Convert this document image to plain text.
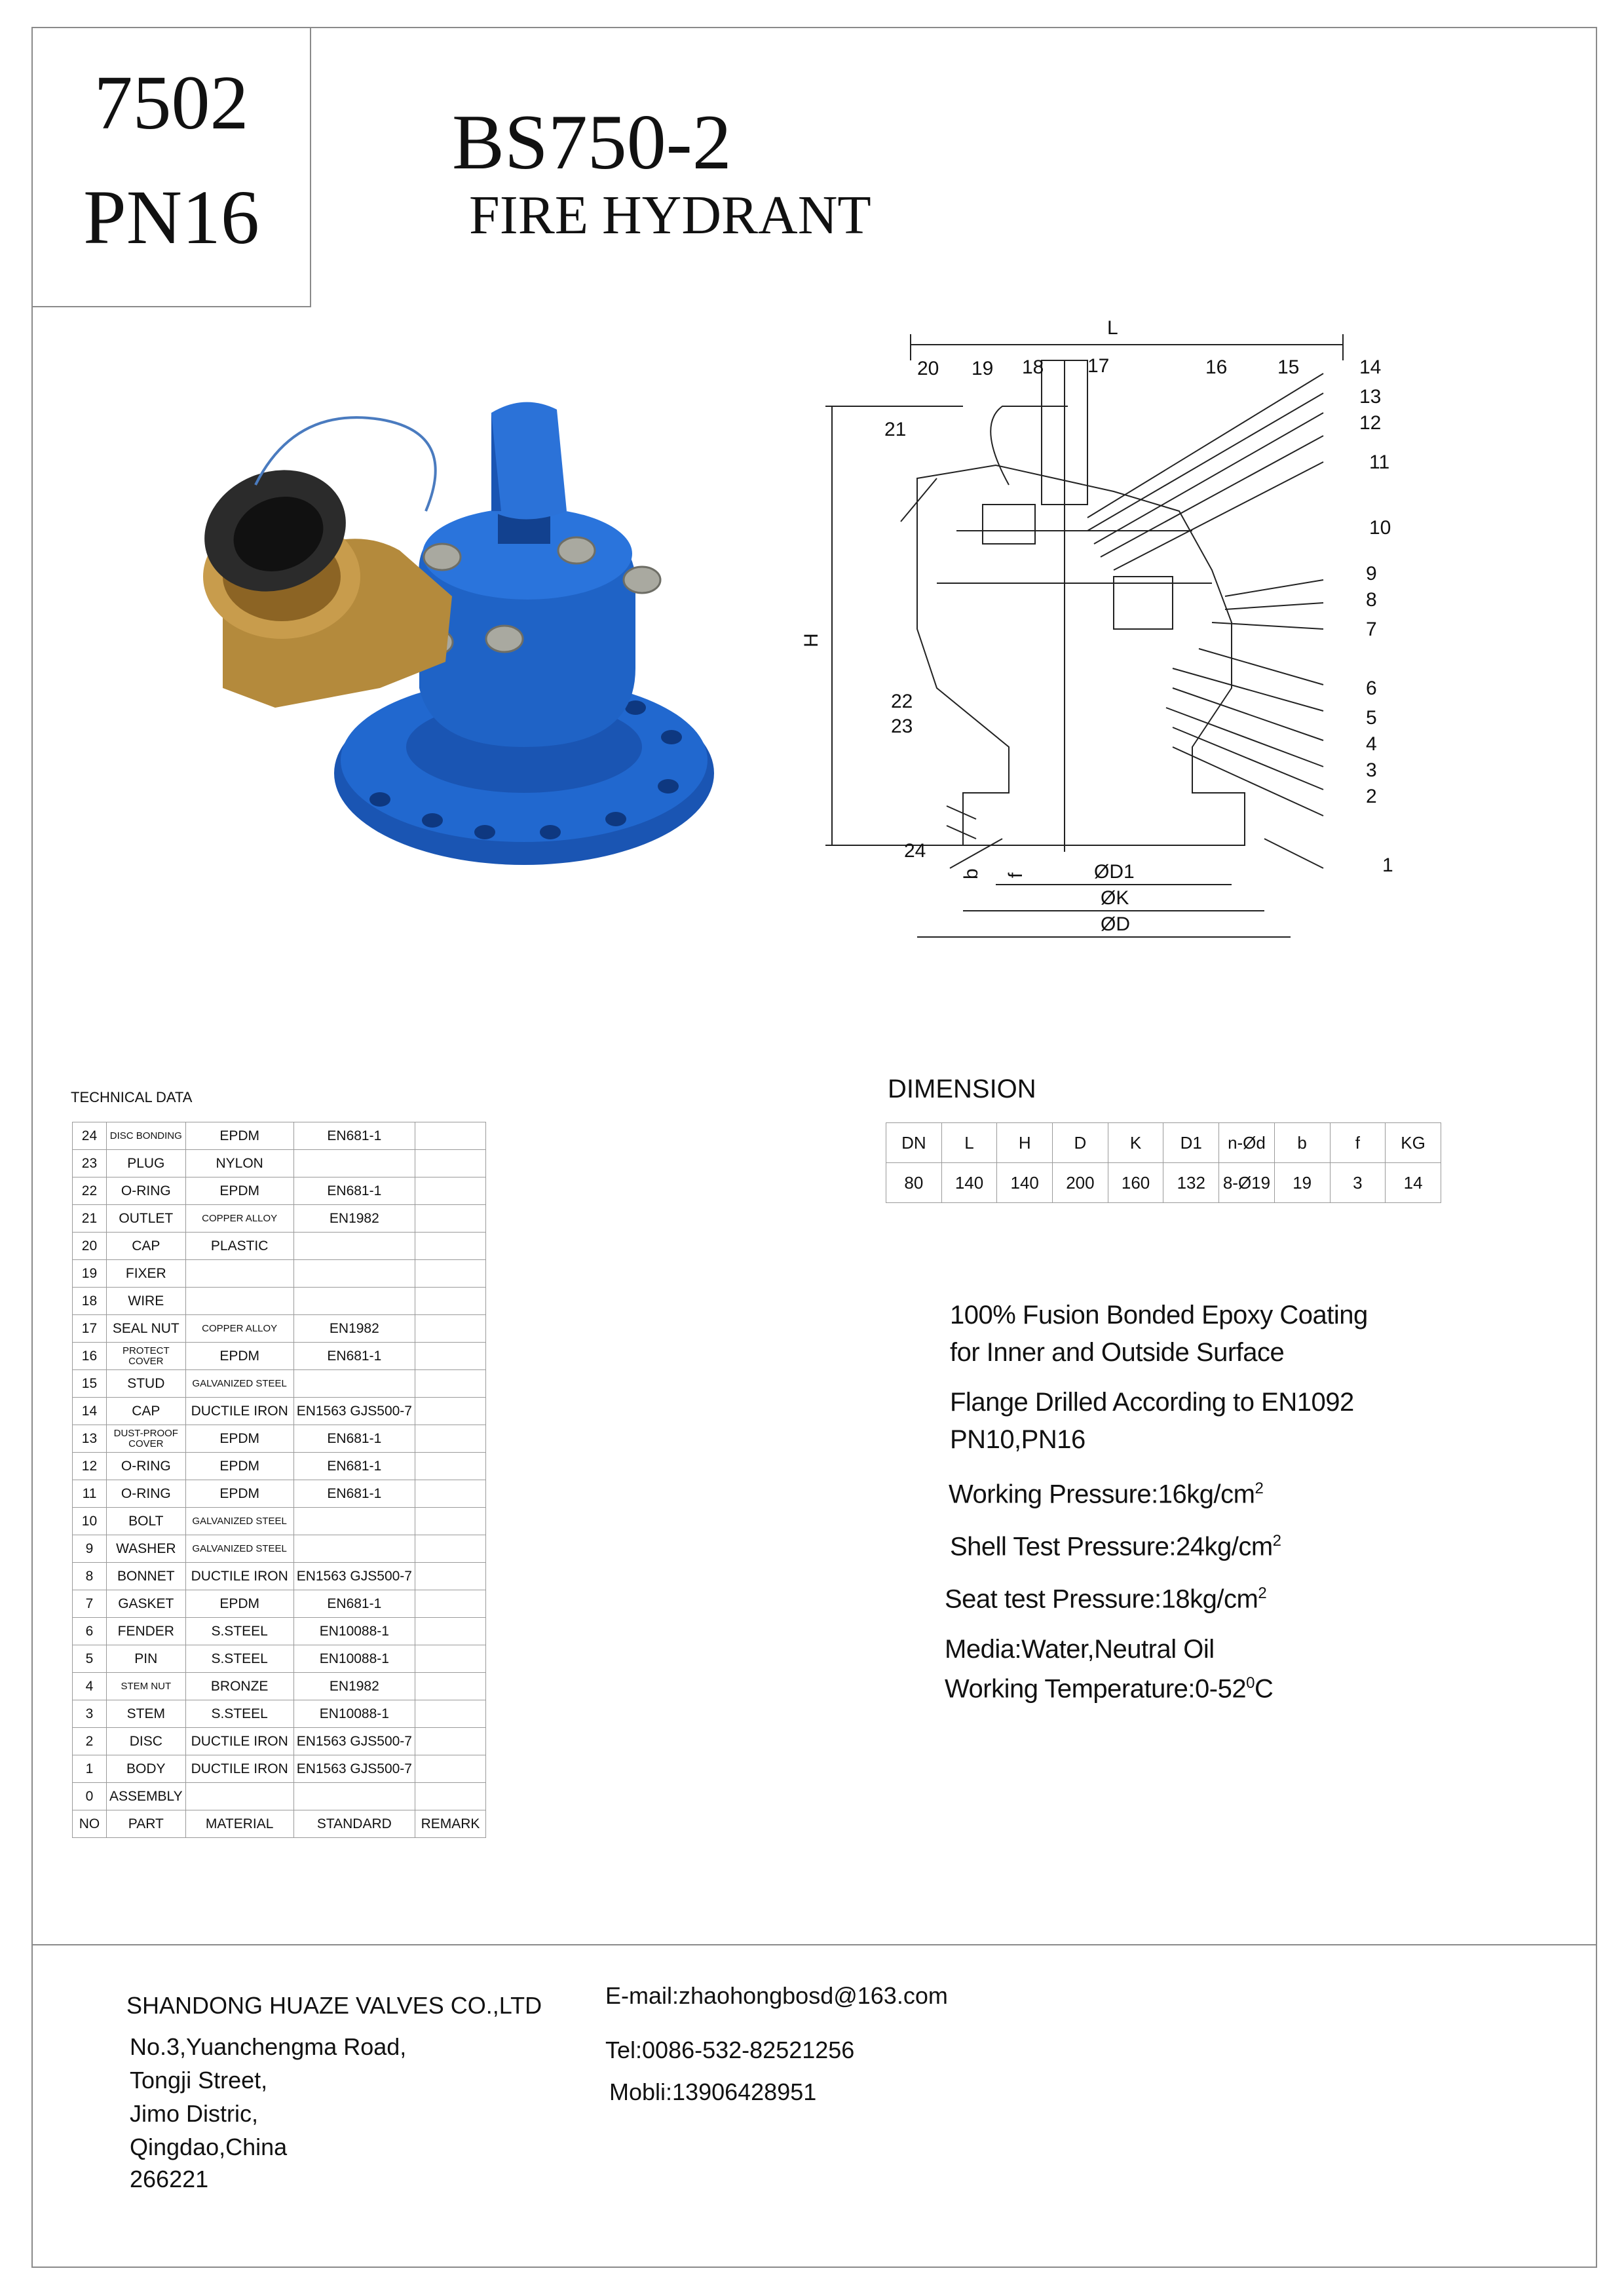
7502
PN16
BS750-2
FIRE HYDRANT
L
H
b f	ØD1
ØK
ØD
20 19 18 17	16	15	14
13
12
11
10
9
8
7
6
5
4
3
2
1
21
22
23
24
TECHNICAL DATA
24	DISC BONDING	EPDM	EN681-1	
23	PLUG	NYLON		
22	O-RING	EPDM	EN681-1	
21	OUTLET	COPPER ALLOY	EN1982	
20	CAP	PLASTIC		
19	FIXER			
18	WIRE			
17	SEAL NUT	COPPER ALLOY	EN1982	
16	PROTECT COVER	EPDM	EN681-1	
15	STUD	GALVANIZED STEEL		
14	CAP	DUCTILE IRON	EN1563 GJS500-7	
13	DUST-PROOF COVER	EPDM	EN681-1	
12	O-RING	EPDM	EN681-1	
11	O-RING	EPDM	EN681-1	
10	BOLT	GALVANIZED STEEL		
9	WASHER	GALVANIZED STEEL		
8	BONNET	DUCTILE IRON	EN1563 GJS500-7	
7	GASKET	EPDM	EN681-1	
6	FENDER	S.STEEL	EN10088-1	
5	PIN	S.STEEL	EN10088-1	
4	STEM NUT	BRONZE	EN1982	
3	STEM	S.STEEL	EN10088-1	
2	DISC	DUCTILE IRON	EN1563 GJS500-7	
1	BODY	DUCTILE IRON	EN1563 GJS500-7	
0	ASSEMBLY			
NO	PART	MATERIAL	STANDARD	REMARK
DIMENSION
DN	L	H	D	K	D1	n-Ød	b	f	KG
80	140	140	200	160	132	8-Ø19	19	3	14
100% Fusion Bonded Epoxy Coating
for Inner and Outside Surface
Flange Drilled According to EN1092
PN10,PN16
Working $Pressure:16kg/cm^2$
Shell Test $Pressure:24kg/cm^2$
Seat test $Pressure:18kg/cm^2$
Media:Water,Neutral Oil
Working $Temperature:0-52^0C$
SHANDONG HUAZE VALVES CO.,LTD
No.3,Yuanchengma Road,
Tongji Street,
Jimo Distric,
Qingdao,China
266221
E-mail:zhaohongbosd@163.com
Tel:0086-532-82521256
Mobli:13906428951
